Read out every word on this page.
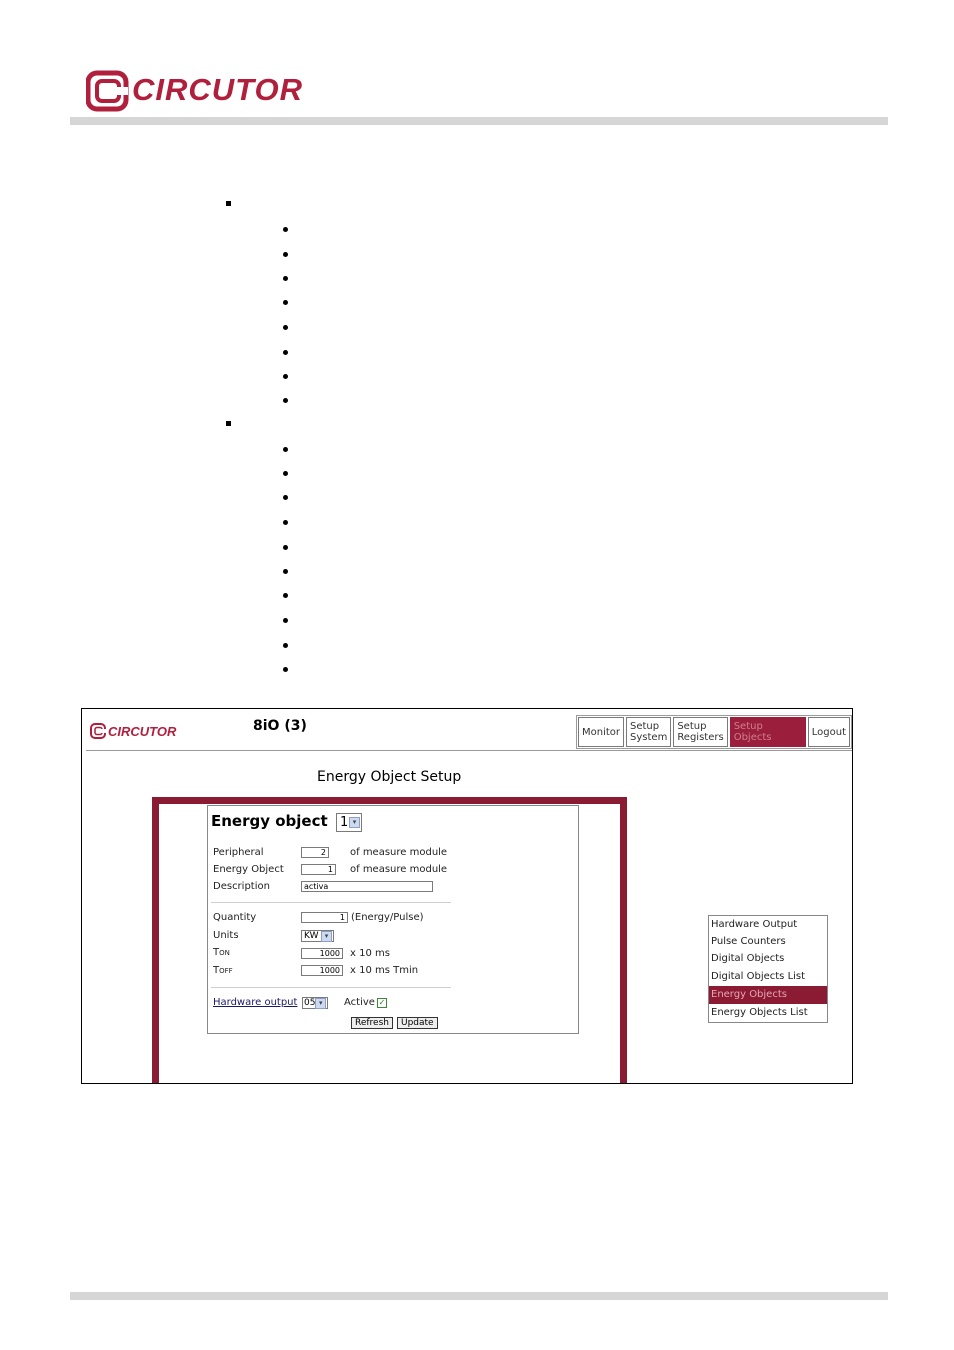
CIRCUTOR
CIRCUTOR	8iO (3)	Monitor Setup
System
Setup
Registers
Setup Objects	Logout
Energy Object Setup
Energy object 1 ▾
Peripheral	2	of measure module
Energy Object	1	of measure module
Description	activa
Quantity	1 (Energy/Pulse)
Units	KW ▾
TON	1000	x 10 ms
TOFF	1000	x 10 ms Tmin
Hardware output 05 ▾	Active ✓
Refresh	Update
Hardware Output
Pulse Counters
Digital Objects
Digital Objects List
Energy Objects
Energy Objects List
